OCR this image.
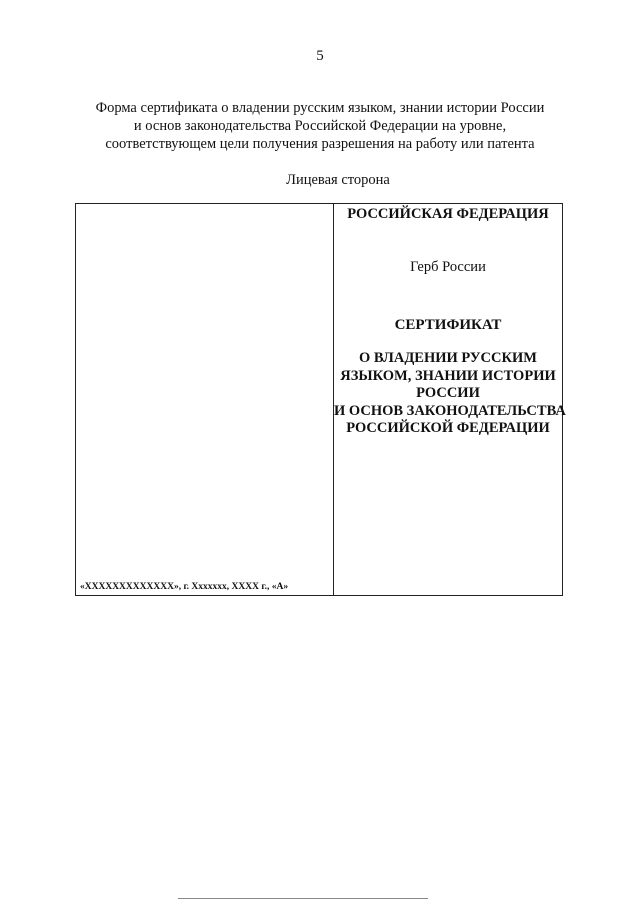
5
Форма сертификата о владении русским языком, знании истории России
и основ законодательства Российской Федерации на уровне,
соответствующем цели получения разрешения на работу или патента
Лицевая сторона
«ХХХХХХХХХХХХХ», г. Хххххxх, ХХХХ г., «А»
РОССИЙСКАЯ ФЕДЕРАЦИЯ
Герб России
СЕРТИФИКАТ
О ВЛАДЕНИИ РУССКИМ
ЯЗЫКОМ, ЗНАНИИ ИСТОРИИ
РОССИИ
И ОСНОВ ЗАКОНОДАТЕЛЬСТВА
РОССИЙСКОЙ ФЕДЕРАЦИИ
